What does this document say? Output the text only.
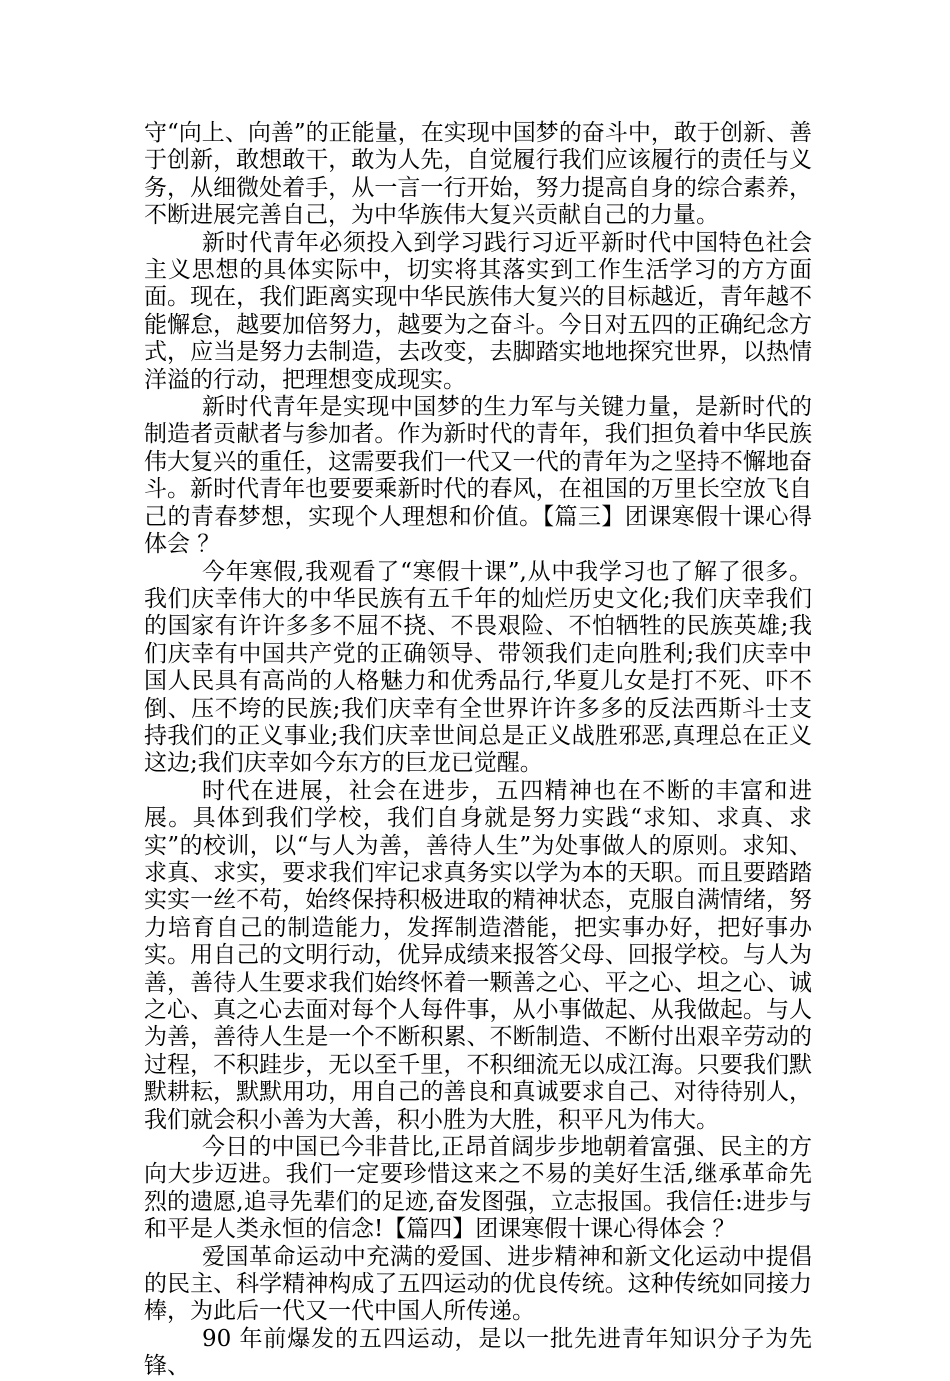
守“向上、向善”的正能量，在实现中国梦的奋斗中，敢于创新、善于创新，敢想敢干，敢为人先，自觉履行我们应该履行的责任与义务，从细微处着手，从一言一行开始，努力提高自身的综合素养，不断进展完善自己，为中华族伟大复兴贡献自己的力量。

新时代青年必须投入到学习践行习近平新时代中国特色社会主义思想的具体实际中，切实将其落实到工作生活学习的方方面面。现在，我们距离实现中华民族伟大复兴的目标越近，青年越不能懈怠，越要加倍努力，越要为之奋斗。今日对五四的正确纪念方式，应当是努力去制造，去改变，去脚踏实地地探究世界，以热情洋溢的行动，把理想变成现实。

新时代青年是实现中国梦的生力军与关键力量，是新时代的制造者贡献者与参加者。作为新时代的青年，我们担负着中华民族伟大复兴的重任，这需要我们一代又一代的青年为之坚持不懈地奋斗。新时代青年也要要乘新时代的春风，在祖国的万里长空放飞自己的青春梦想，实现个人理想和价值。【篇三】团课寒假十课心得体会 ？

今年寒假,我观看了“寒假十课”,从中我学习也了解了很多。我们庆幸伟大的中华民族有五千年的灿烂历史文化;我们庆幸我们的国家有许许多多不屈不挠、不畏艰险、不怕牺牲的民族英雄;我们庆幸有中国共产党的正确领导、带领我们走向胜利;我们庆幸中国人民具有高尚的人格魅力和优秀品行,华夏儿女是打不死、吓不倒、压不垮的民族;我们庆幸有全世界许许多多的反法西斯斗士支持我们的正义事业;我们庆幸世间总是正义战胜邪恶,真理总在正义这边;我们庆幸如今东方的巨龙已觉醒。

时代在进展，社会在进步，五四精神也在不断的丰富和进展。具体到我们学校，我们自身就是努力实践“求知、求真、求实”的校训，以“与人为善，善待人生”为处事做人的原则。求知、求真、求实，要求我们牢记求真务实以学为本的天职。而且要踏踏实实一丝不苟，始终保持积极进取的精神状态，克服自满情绪，努力培育自己的制造能力，发挥制造潜能，把实事办好，把好事办实。用自己的文明行动，优异成绩来报答父母、回报学校。与人为善，善待人生要求我们始终怀着一颗善之心、平之心、坦之心、诚之心、真之心去面对每个人每件事，从小事做起、从我做起。与人为善，善待人生是一个不断积累、不断制造、不断付出艰辛劳动的过程，不积跬步，无以至千里，不积细流无以成江海。只要我们默默耕耘，默默用功，用自己的善良和真诚要求自己、对待待别人，我们就会积小善为大善，积小胜为大胜，积平凡为伟大。

今日的中国已今非昔比,正昂首阔步步地朝着富强、民主的方向大步迈进。我们一定要珍惜这来之不易的美好生活,继承革命先烈的遗愿,追寻先辈们的足迹,奋发图强，立志报国。我信任:进步与和平是人类永恒的信念!【篇四】团课寒假十课心得体会 ？

爱国革命运动中充满的爱国、进步精神和新文化运动中提倡的民主、科学精神构成了五四运动的优良传统。这种传统如同接力棒，为此后一代又一代中国人所传递。

90 年前爆发的五四运动，是以一批先进青年知识分子为先锋、
